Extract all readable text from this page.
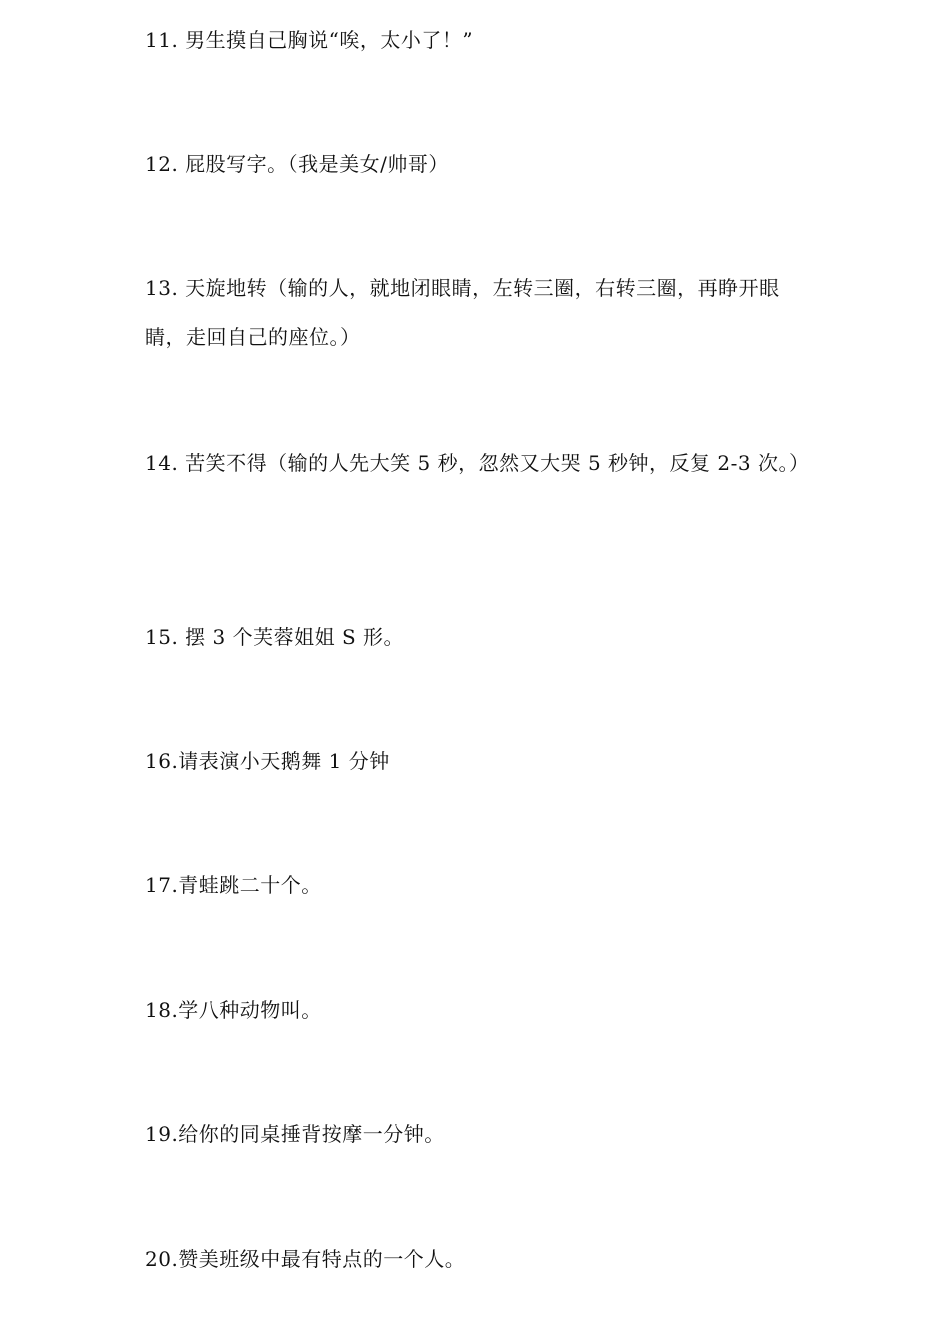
11. 男生摸自己胸说“唉，太小了！”
12. 屁股写字。（我是美女/帅哥）
13. 天旋地转（输的人，就地闭眼睛，左转三圈，右转三圈，再睁开眼睛，走回自己的座位。）
14. 苦笑不得（输的人先大笑 5 秒，忽然又大哭 5 秒钟，反复 2-3 次。）
15. 摆 3 个芙蓉姐姐 S 形。
16.请表演小天鹅舞 1 分钟
17.青蛙跳二十个。
18.学八种动物叫。
19.给你的同桌捶背按摩一分钟。
20.赞美班级中最有特点的一个人。
